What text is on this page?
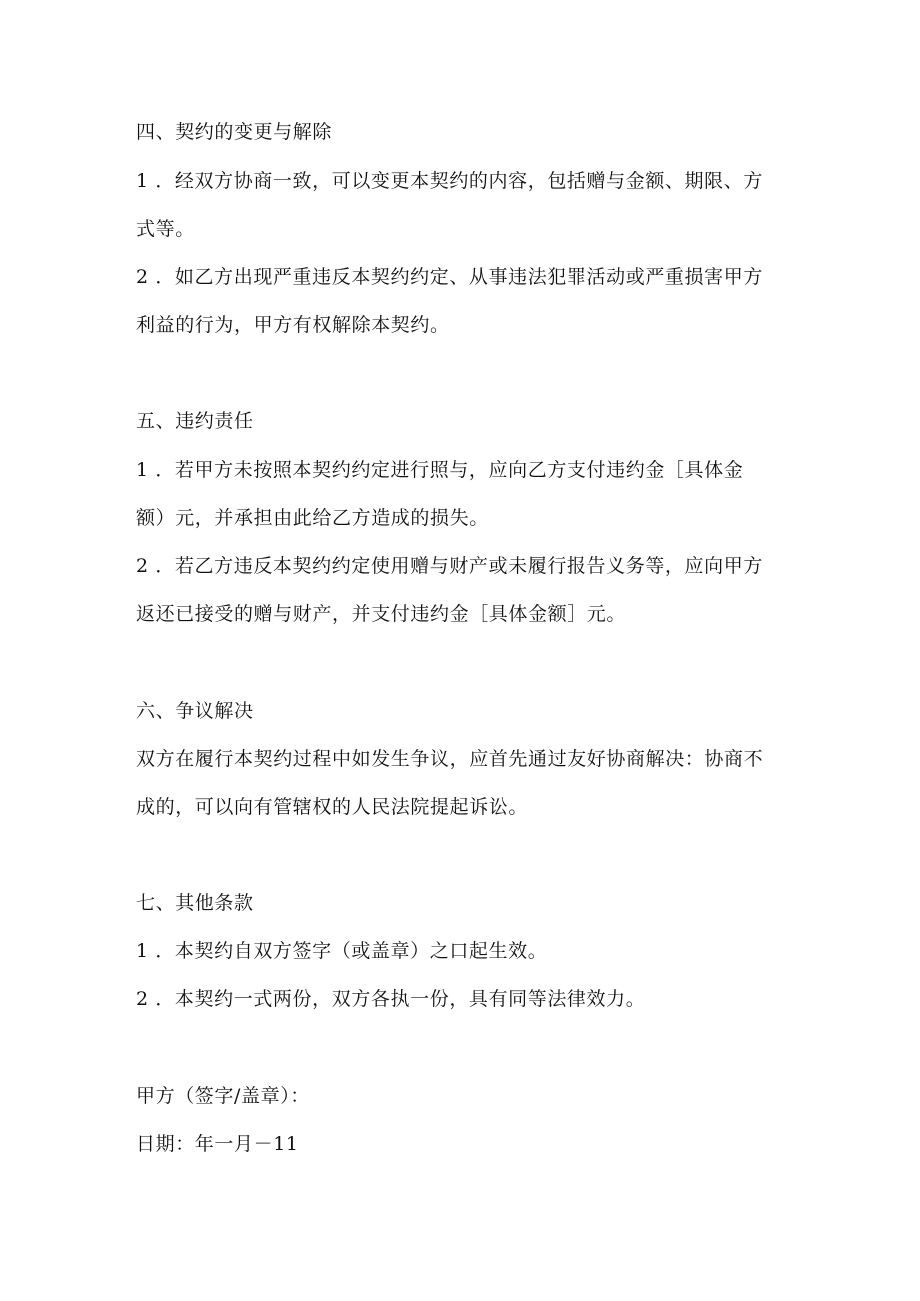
四、契约的变更与解除
1 ．经双方协商一致，可以变更本契约的内容，包括赠与金额、期限、方
式等。
2 ．如乙方出现严重违反本契约约定、从事违法犯罪活动或严重损害甲方
利益的行为，甲方有权解除本契约。
五、违约责任
1 ．若甲方未按照本契约约定进行照与，应向乙方支付违约金［具体金
额）元，并承担由此给乙方造成的损失。
2 ．若乙方违反本契约约定使用赠与财产或未履行报告义务等，应向甲方
返还已接受的赠与财产，并支付违约金［具体金额］元。
六、争议解决
双方在履行本契约过程中如发生争议，应首先通过友好协商解决：协商不
成的，可以向有管辖权的人民法院提起诉讼。
七、其他条款
1 ．本契约自双方签字（或盖章）之口起生效。
2 ．本契约一式两份，双方各执一份，具有同等法律效力。
甲方（签字/盖章）：
日期：年一月－11
